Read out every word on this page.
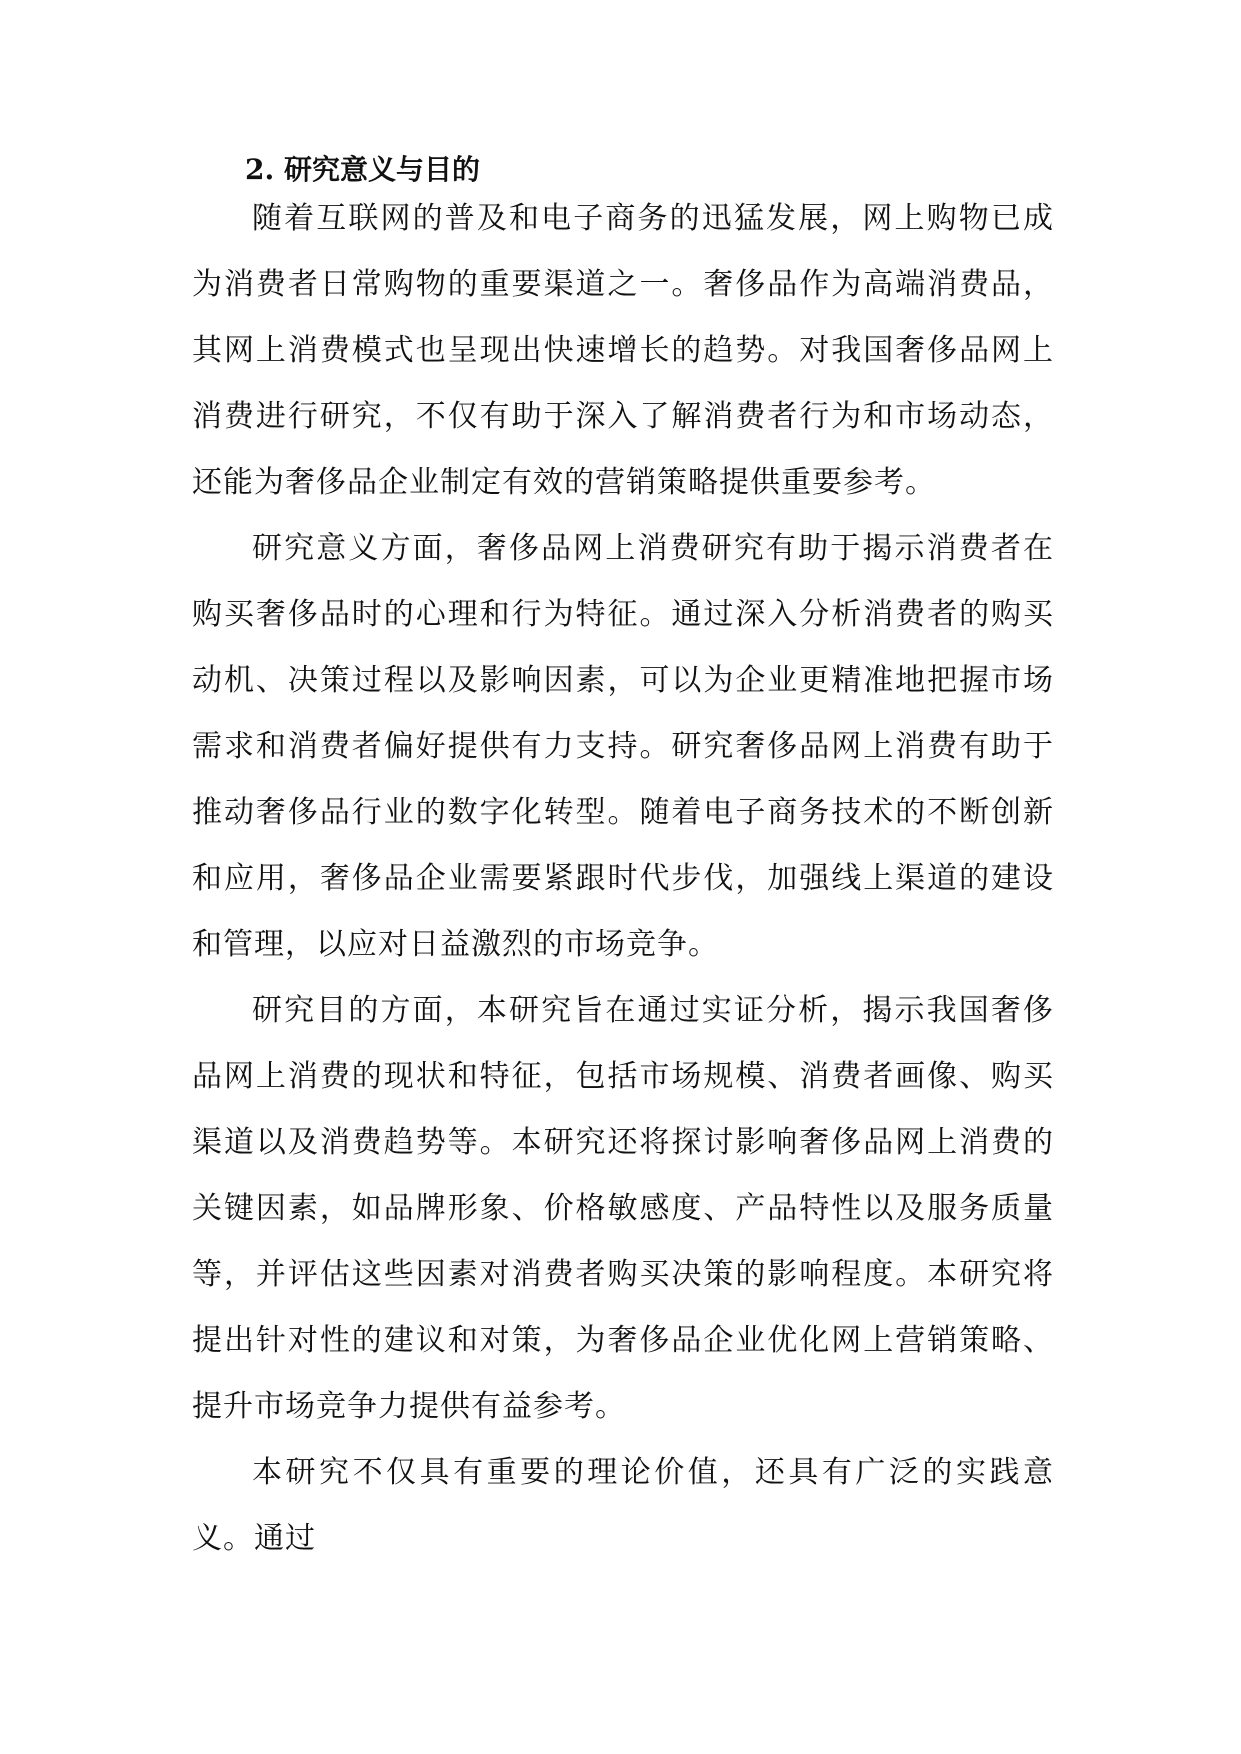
2. 研究意义与目的

随着互联网的普及和电子商务的迅猛发展，网上购物已成为消费者日常购物的重要渠道之一。奢侈品作为高端消费品，其网上消费模式也呈现出快速增长的趋势。对我国奢侈品网上消费进行研究，不仅有助于深入了解消费者行为和市场动态，还能为奢侈品企业制定有效的营销策略提供重要参考。

研究意义方面，奢侈品网上消费研究有助于揭示消费者在购买奢侈品时的心理和行为特征。通过深入分析消费者的购买动机、决策过程以及影响因素，可以为企业更精准地把握市场需求和消费者偏好提供有力支持。研究奢侈品网上消费有助于推动奢侈品行业的数字化转型。随着电子商务技术的不断创新和应用，奢侈品企业需要紧跟时代步伐，加强线上渠道的建设和管理，以应对日益激烈的市场竞争。

研究目的方面，本研究旨在通过实证分析，揭示我国奢侈品网上消费的现状和特征，包括市场规模、消费者画像、购买渠道以及消费趋势等。本研究还将探讨影响奢侈品网上消费的关键因素，如品牌形象、价格敏感度、产品特性以及服务质量等，并评估这些因素对消费者购买决策的影响程度。本研究将提出针对性的建议和对策，为奢侈品企业优化网上营销策略、提升市场竞争力提供有益参考。

本研究不仅具有重要的理论价值，还具有广泛的实践意义。通过
